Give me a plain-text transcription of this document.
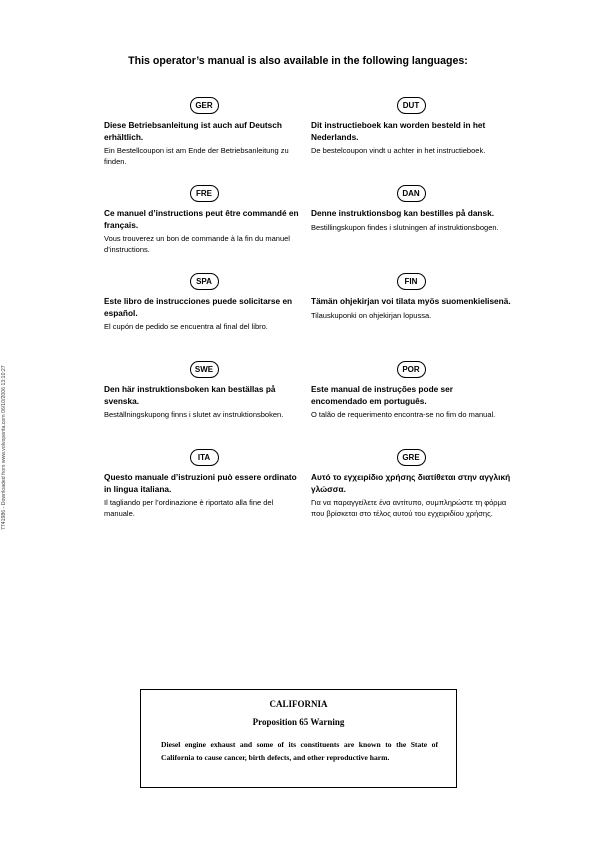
7741986 - Downloaded from www.volvopenta.com 06/10/2006 13:10:27
This operator’s manual is also available in the following languages:
GER

Diese Betriebsanleitung ist auch auf Deutsch erhältlich.

Ein Bestellcoupon ist am Ende der Betriebsanleitung zu finden.

DUT

Dit instructieboek kan worden besteld in het Nederlands.

De bestelcoupon vindt u achter in het instructieboek.

FRE

Ce manuel d’instructions peut être commandé en français.

Vous trouverez un bon de commande à la fin du manuel d’instructions.

DAN

Denne instruktionsbog kan bestilles på dansk.

Bestillingskupon findes i slutningen af instruktionsbogen.

SPA

Este libro de instrucciones puede solicitarse en español.

El cupón de pedido se encuentra al final del libro.

FIN

Tämän ohjekirjan voi tilata myös suomenkielisenä.

Tilauskuponki on ohjekirjan lopussa.

SWE

Den här instruktionsboken kan beställas på svenska.

Beställningskupong finns i slutet av instruktionsboken.

POR

Este manual de instruções pode ser encomendado em português.

O talão de requerimento encontra-se no fim do manual.

ITA

Questo manuale d’istruzioni può essere ordinato in lingua italiana.

Il tagliando per l’ordinazione è riportato alla fine del manuale.

GRE

Αυτό το εγχειρίδιο χρήσης διατίθεται στην αγγλική γλώσσα.

Για να παραγγείλετε ένα αντίτυπο, συμπληρώστε τη φόρμα που βρίσκεται στο τέλος αυτού του εγχειριδίου χρήσης.

CALIFORNIA
Proposition 65 Warning
Diesel engine exhaust and some of its constituents are known to the State of California to cause cancer, birth defects, and other reproductive harm.
